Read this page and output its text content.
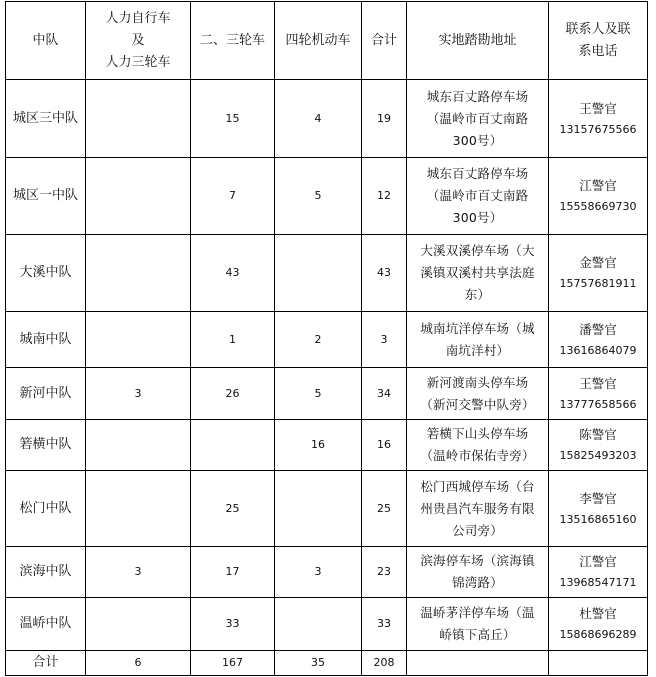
中队	人力自行车
及
人力三轮车	二、三轮车	四轮机动车	合计	实地踏勘地址	联系人及联
系电话

城区三中队		15	4	19	城东百丈路停车场
（温岭市百丈南路
300号）	王警官
13157675566

城区一中队		7	5	12	城东百丈路停车场
（温岭市百丈南路
300号）	江警官
15558669730

大溪中队		43		43	大溪双溪停车场（大
溪镇双溪村共享法庭
东）	金警官
15757681911

城南中队		1	2	3	城南坑洋停车场（城
南坑洋村）	潘警官
13616864079

新河中队	3	26	5	34	新河渡南头停车场
（新河交警中队旁）	王警官
13777658566

箬横中队			16	16	箬横下山头停车场
（温岭市保佑寺旁）	陈警官
15825493203

松门中队		25		25	松门西城停车场（台
州贵昌汽车服务有限
公司旁）	李警官
13516865160

滨海中队	3	17	3	23	滨海停车场（滨海镇
锦湾路）	江警官
13968547171

温峤中队		33		33	温峤茅洋停车场（温
峤镇下高丘）	杜警官
15868696289

合计	6	167	35	208		
